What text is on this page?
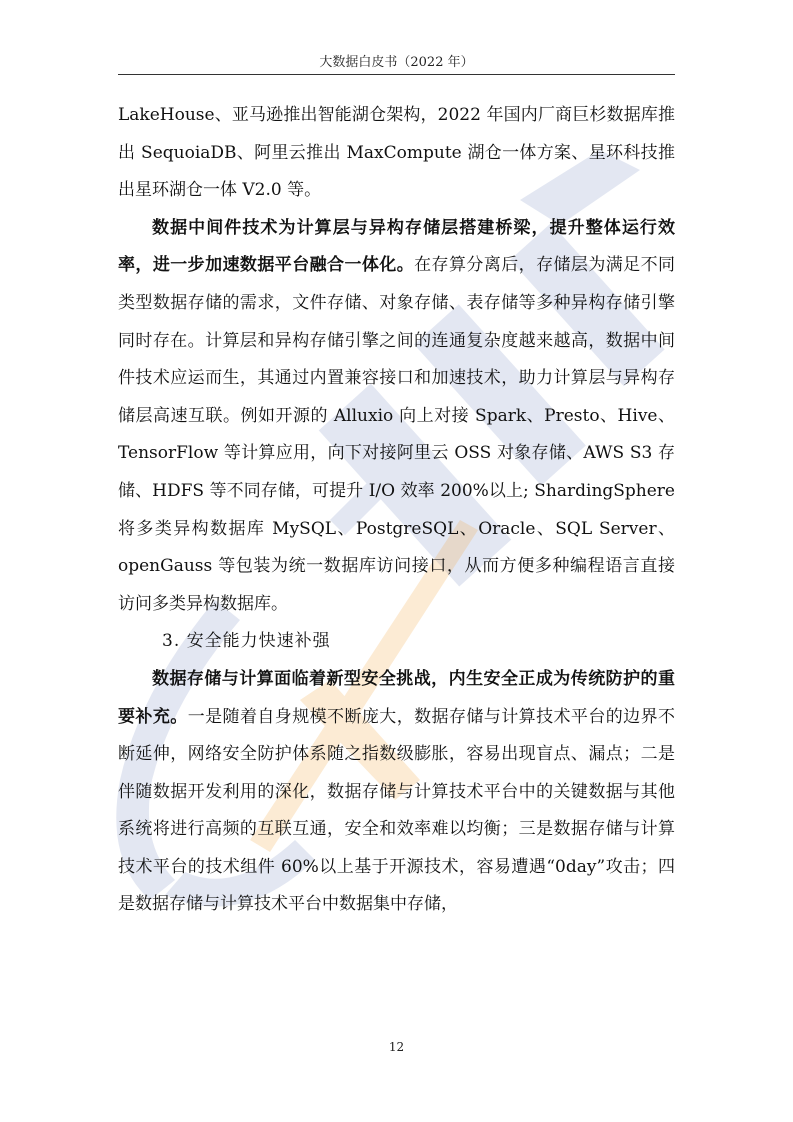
大数据白皮书（2022 年）

LakeHouse、亚马逊推出智能湖仓架构，2022 年国内厂商巨杉数据库推出 SequoiaDB、阿里云推出 MaxCompute 湖仓一体方案、星环科技推出星环湖仓一体 V2.0 等。

数据中间件技术为计算层与异构存储层搭建桥梁，提升整体运行效率，进一步加速数据平台融合一体化。在存算分离后，存储层为满足不同类型数据存储的需求，文件存储、对象存储、表存储等多种异构存储引擎同时存在。计算层和异构存储引擎之间的连通复杂度越来越高，数据中间件技术应运而生，其通过内置兼容接口和加速技术，助力计算层与异构存储层高速互联。例如开源的 Alluxio 向上对接 Spark、Presto、Hive、TensorFlow 等计算应用，向下对接阿里云 OSS 对象存储、AWS S3 存储、HDFS 等不同存储，可提升 I/O 效率 200%以上; ShardingSphere 将多类异构数据库 MySQL、PostgreSQL、Oracle、SQL Server、openGauss 等包装为统一数据库访问接口，从而方便多种编程语言直接访问多类异构数据库。

3. 安全能力快速补强

数据存储与计算面临着新型安全挑战，内生安全正成为传统防护的重要补充。一是随着自身规模不断庞大，数据存储与计算技术平台的边界不断延伸，网络安全防护体系随之指数级膨胀，容易出现盲点、漏点；二是伴随数据开发利用的深化，数据存储与计算技术平台中的关键数据与其他系统将进行高频的互联互通，安全和效率难以均衡；三是数据存储与计算技术平台的技术组件 60%以上基于开源技术，容易遭遇“0day”攻击；四是数据存储与计算技术平台中数据集中存储，

12
